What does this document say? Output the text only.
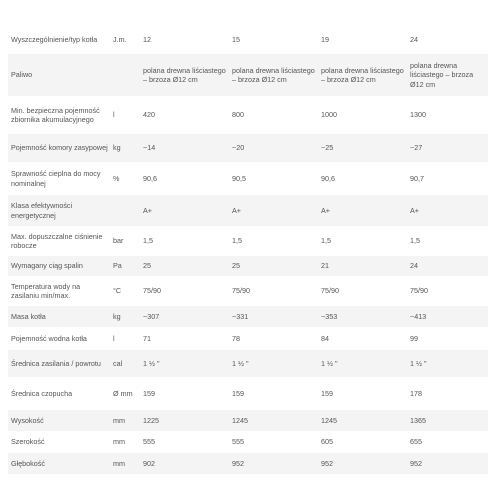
Wyszczególnienie/typ kotła	J.m.	12	15	19	24
Paliwo		polana drewna liściastego – brzoza Ø12 cm	polana drewna liściastego – brzoza Ø12 cm	polana drewna liściastego – brzoza Ø12 cm	polana drewna liściastego – brzoza Ø12 cm
Min. bezpieczna pojemność zbiornika akumulacyjnego	l	420	800	1000	1300
Pojemność komory zasypowej	kg	~14	~20	~25	~27
Sprawność cieplna do mocy nominalnej	%	90,6	90,5	90,6	90,7
Klasa efektywności energetycznej		A+	A+	A+	A+
Max. dopuszczalne ciśnienie robocze	bar	1,5	1,5	1,5	1,5
Wymagany ciąg spalin	Pa	25	25	21	24
Temperatura wody na zasilaniu min/max.	°C	75/90	75/90	75/90	75/90
Masa kotła	kg	~307	~331	~353	~413
Pojemność wodna kotła	l	71	78	84	99
Średnica zasilania / powrotu	cal	1 ½ "	1 ½ "	1 ½ "	1 ½ "
Średnica czopucha	Ø mm	159	159	159	178
Wysokość	mm	1225	1245	1245	1365
Szerokość	mm	555	555	605	655
Głębokość	mm	902	952	952	952
